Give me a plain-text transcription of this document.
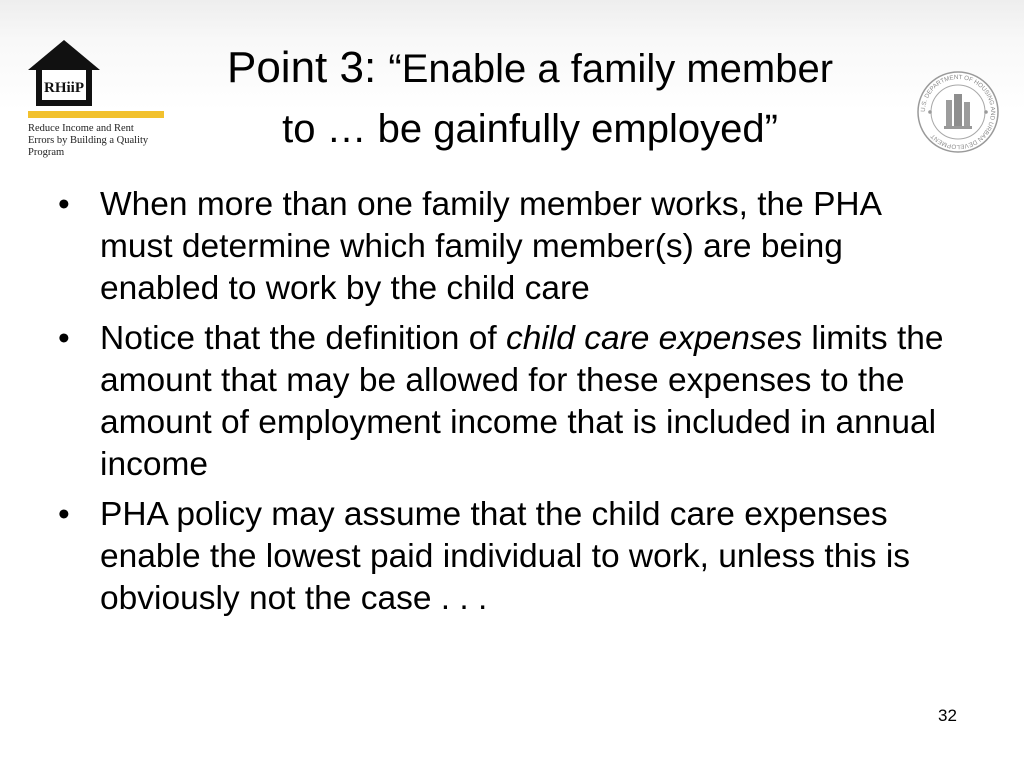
RHiiP
Reduce Income and Rent
Errors by Building a Quality
Program
Point 3: “Enable a family member
to … be gainfully employed”	U.S. DEPARTMENT OF HOUSING AND URBAN DEVELOPMENT
• When more than one family member works, the PHA must determine which family member(s) are being enabled to work by the child care
• Notice that the definition of child care expenses limits the amount that may be allowed for these expenses to the amount of employment income that is included in annual income
• PHA policy may assume that the child care expenses enable the lowest paid individual to work, unless this is obviously not the case . . .
32
